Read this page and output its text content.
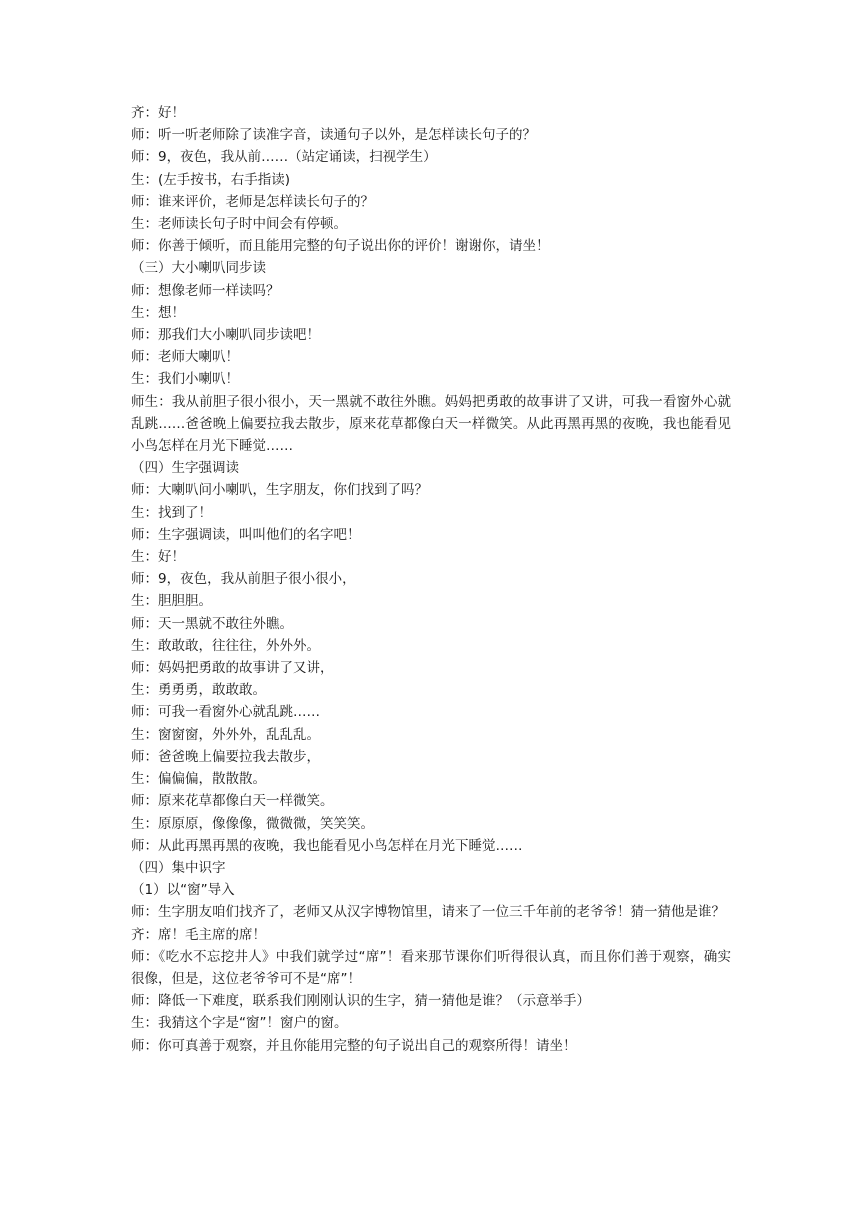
齐：好！
师：听一听老师除了读准字音，读通句子以外，是怎样读长句子的？
师：9，夜色，我从前……（站定诵读，扫视学生）
生：(左手按书，右手指读)
师：谁来评价，老师是怎样读长句子的？
生：老师读长句子时中间会有停顿。
师：你善于倾听，而且能用完整的句子说出你的评价！谢谢你，请坐！
（三）大小喇叭同步读
师：想像老师一样读吗？
生：想！
师：那我们大小喇叭同步读吧！
师：老师大喇叭！
生：我们小喇叭！
师生：我从前胆子很小很小，天一黑就不敢往外瞧。妈妈把勇敢的故事讲了又讲，可我一看窗外心就乱跳……爸爸晚上偏要拉我去散步，原来花草都像白天一样微笑。从此再黑再黑的夜晚，我也能看见小鸟怎样在月光下睡觉……
（四）生字强调读
师：大喇叭问小喇叭，生字朋友，你们找到了吗？
生：找到了！
师：生字强调读，叫叫他们的名字吧！
生：好！
师：9，夜色，我从前胆子很小很小，
生：胆胆胆。
师：天一黑就不敢往外瞧。
生：敢敢敢，往往往，外外外。
师：妈妈把勇敢的故事讲了又讲，
生：勇勇勇，敢敢敢。
师：可我一看窗外心就乱跳……
生：窗窗窗，外外外，乱乱乱。
师：爸爸晚上偏要拉我去散步，
生：偏偏偏，散散散。
师：原来花草都像白天一样微笑。
生：原原原，像像像，微微微，笑笑笑。
师：从此再黑再黑的夜晚，我也能看见小鸟怎样在月光下睡觉……
（四）集中识字
（1）以“窗”导入
师：生字朋友咱们找齐了，老师又从汉字博物馆里，请来了一位三千年前的老爷爷！猜一猜他是谁？
齐：席！毛主席的席！
师：《吃水不忘挖井人》中我们就学过“席”！看来那节课你们听得很认真，而且你们善于观察，确实很像，但是，这位老爷爷可不是“席”！
师：降低一下难度，联系我们刚刚认识的生字，猜一猜他是谁？（示意举手）
生：我猜这个字是“窗”！窗户的窗。
师：你可真善于观察，并且你能用完整的句子说出自己的观察所得！请坐！
